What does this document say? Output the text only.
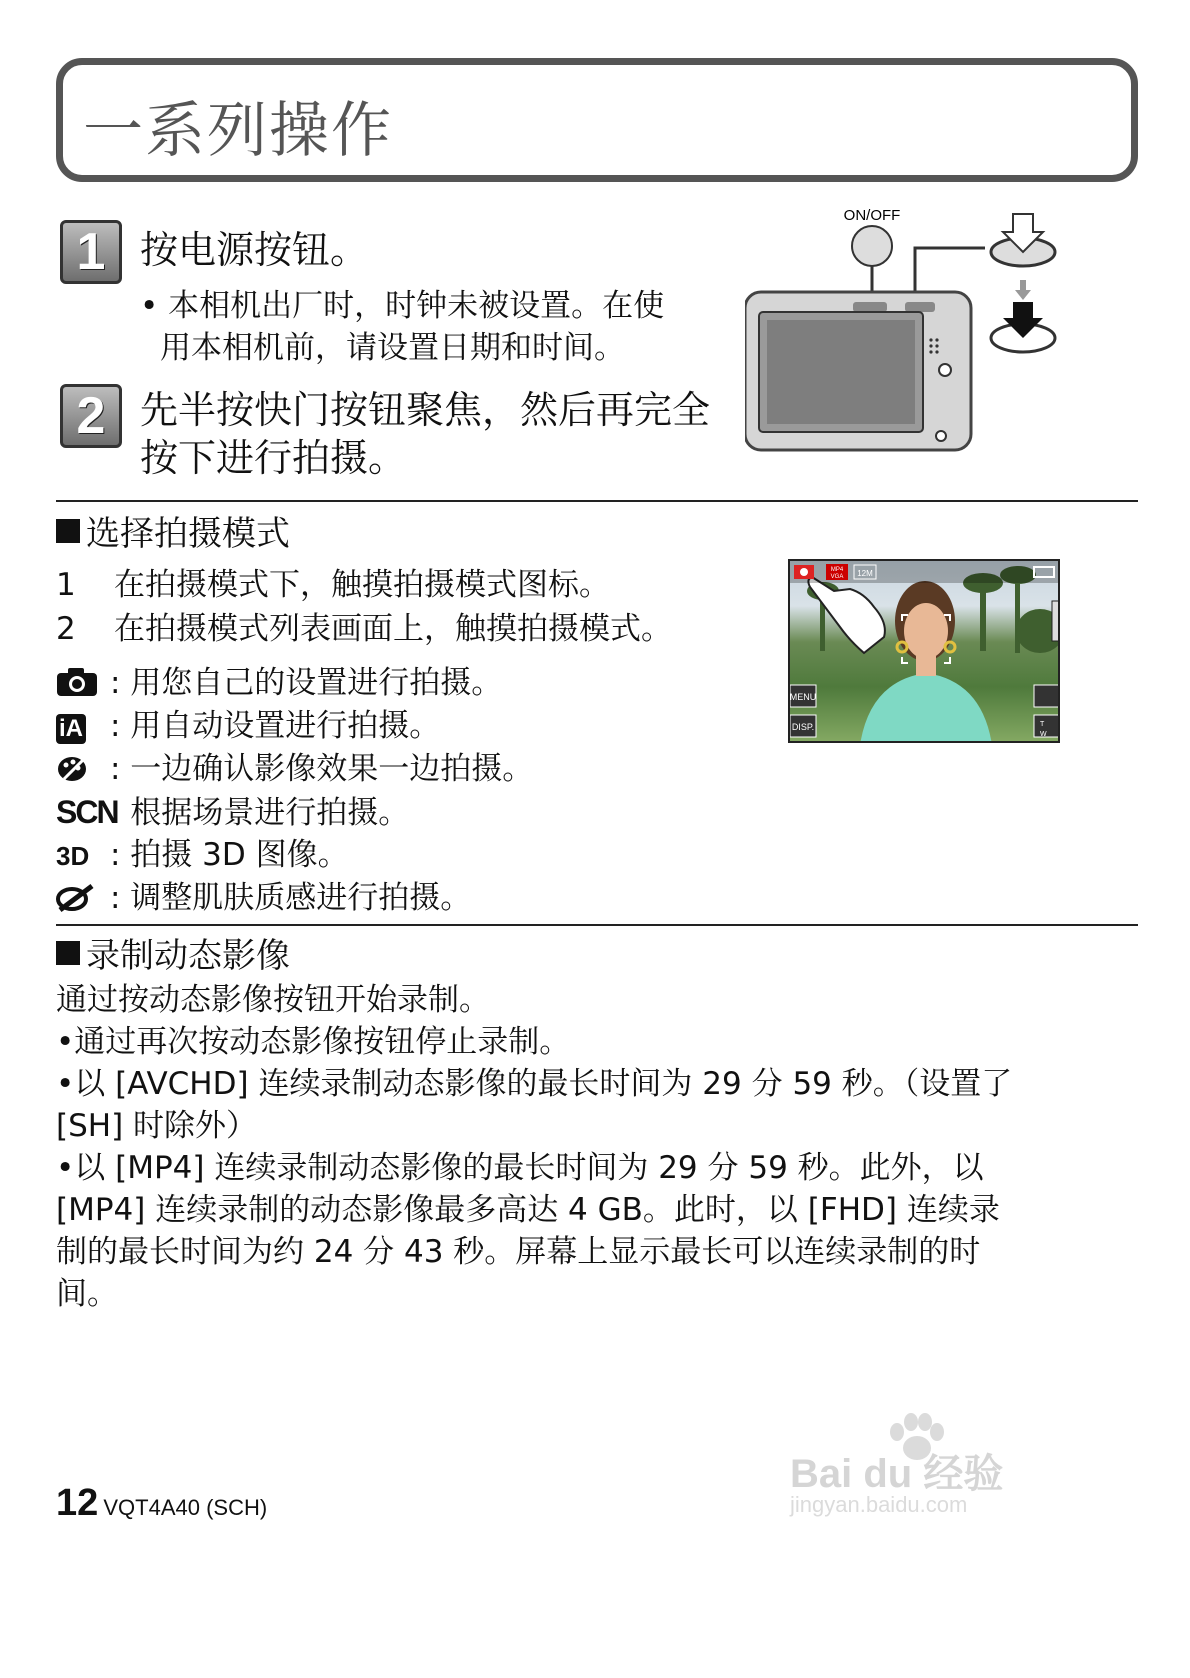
一系列操作
1 按电源按钮。
• 本相机出厂时，时钟未被设置。在使
用本相机前，请设置日期和时间。
2 先半按快门按钮聚焦，然后再完全
按下进行拍摄。
ON/OFF
选择拍摄模式
1 在拍摄模式下，触摸拍摄模式图标。
2 在拍摄模式列表画面上，触摸拍摄模式。
: 用您自己的设置进行拍摄。
iA : 用自动设置进行拍摄。
: 一边确认影像效果一边拍摄。
SCN: 根据场景进行拍摄。
3D : 拍摄 3D 图像。
: 调整肌肤质感进行拍摄。
MP4
VGA 12M
MENU
DISP.	T
W
录制动态影像
通过按动态影像按钮开始录制。
•通过再次按动态影像按钮停止录制。
•以 [AVCHD] 连续录制动态影像的最长时间为 29 分 59 秒。（设置了
[SH] 时除外）
•以 [MP4] 连续录制动态影像的最长时间为 29 分 59 秒。此外，以
[MP4] 连续录制的动态影像最多高达 4 GB。此时，以 [FHD] 连续录
制的最长时间为约 24 分 43 秒。屏幕上显示最长可以连续录制的时
间。
12 VQT4A40 (SCH)
Bai du 经验
jingyan.baidu.com
